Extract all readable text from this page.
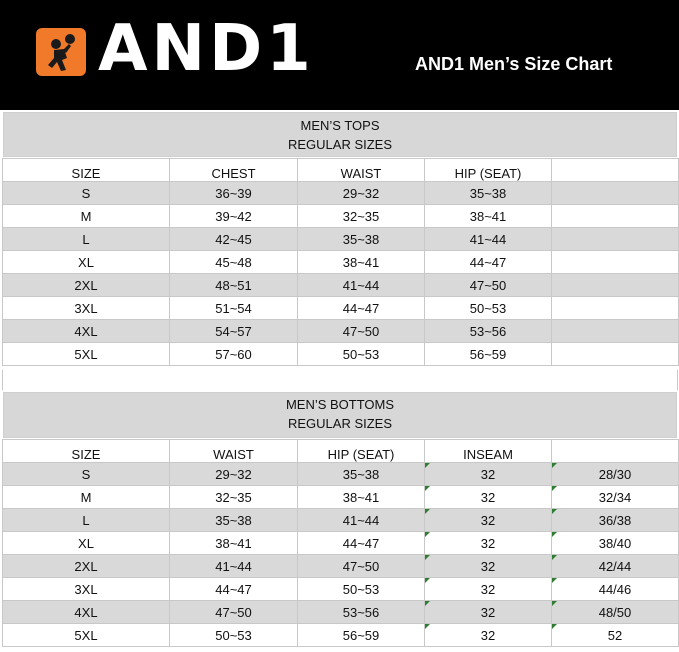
AND1	AND1 Men’s Size Chart
MEN’S TOPS
REGULAR SIZES
SIZE	CHEST	WAIST	HIP (SEAT)	
S	36~39	29~32	35~38	
M	39~42	32~35	38~41	
L	42~45	35~38	41~44	
XL	45~48	38~41	44~47	
2XL	48~51	41~44	47~50	
3XL	51~54	44~47	50~53	
4XL	54~57	47~50	53~56	
5XL	57~60	50~53	56~59	
MEN’S BOTTOMS
REGULAR SIZES
SIZE	WAIST	HIP (SEAT)	INSEAM	
S	29~32	35~38	32	28/30
M	32~35	38~41	32	32/34
L	35~38	41~44	32	36/38
XL	38~41	44~47	32	38/40
2XL	41~44	47~50	32	42/44
3XL	44~47	50~53	32	44/46
4XL	47~50	53~56	32	48/50
5XL	50~53	56~59	32	52
